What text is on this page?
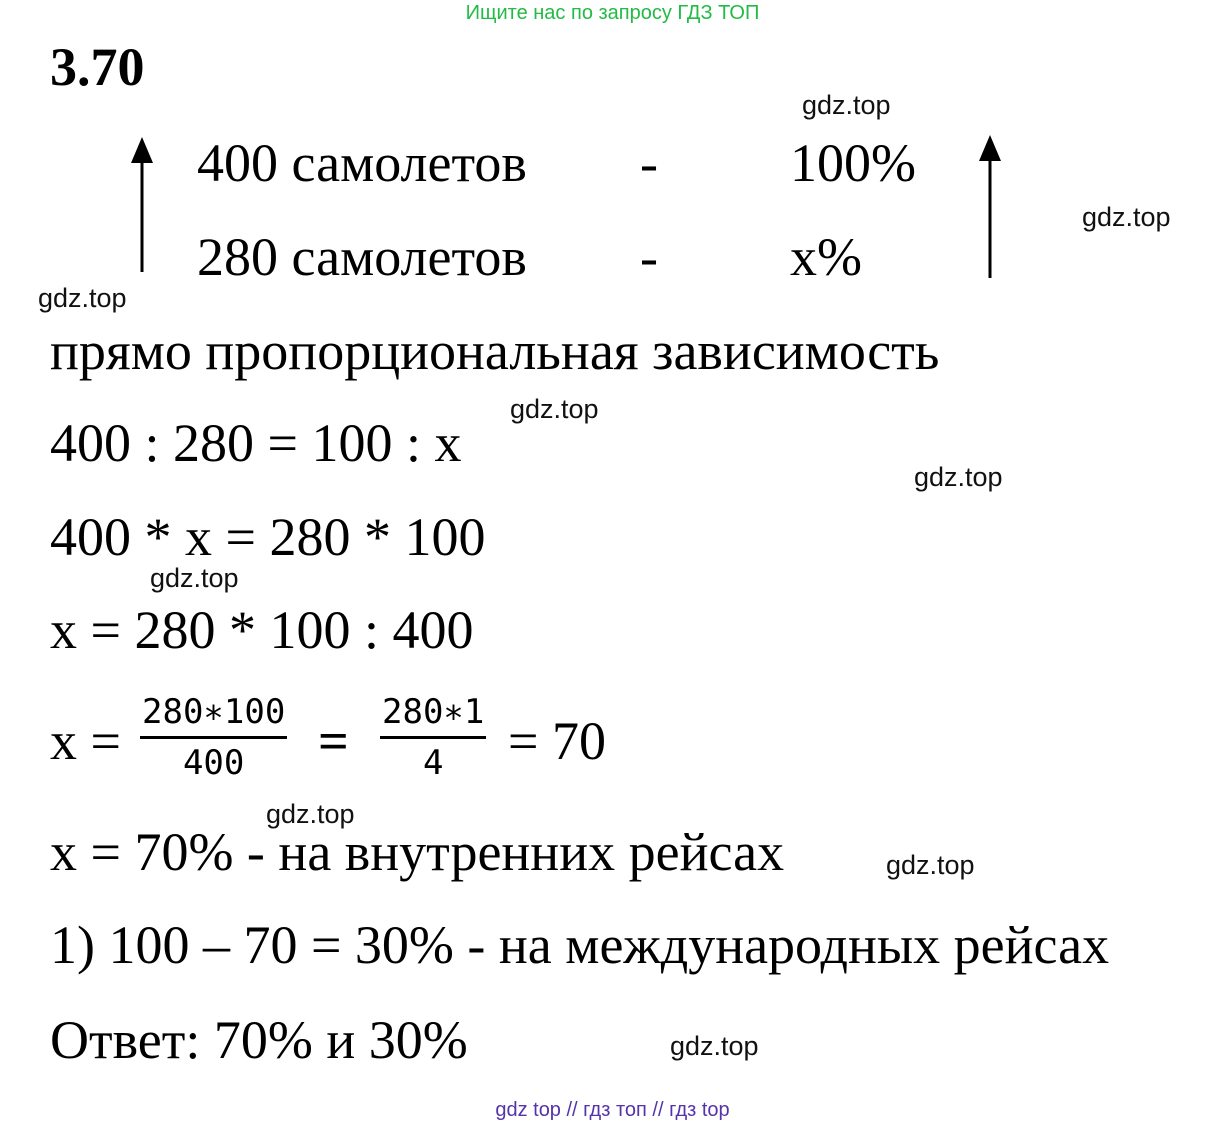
Ищите нас по запросу ГДЗ ТОП
3.70
400 самолетов - 100%
280 самолетов - x%
прямо пропорциональная зависимость
400 : 280 = 100 : x
400 * x = 280 * 100
x = 280 * 100 : 400
$x = \frac{280∗100}{400} = \frac{280∗1}{4} = 70$
x = 70% - на внутренних рейсах
1) 100 – 70 = 30% - на международных рейсах
Ответ: 70% и 30%
gdz.top
gdz.top
gdz.top
gdz.top
gdz.top
gdz.top
gdz.top
gdz.top
gdz.top
gdz top // гдз топ // гдз top
